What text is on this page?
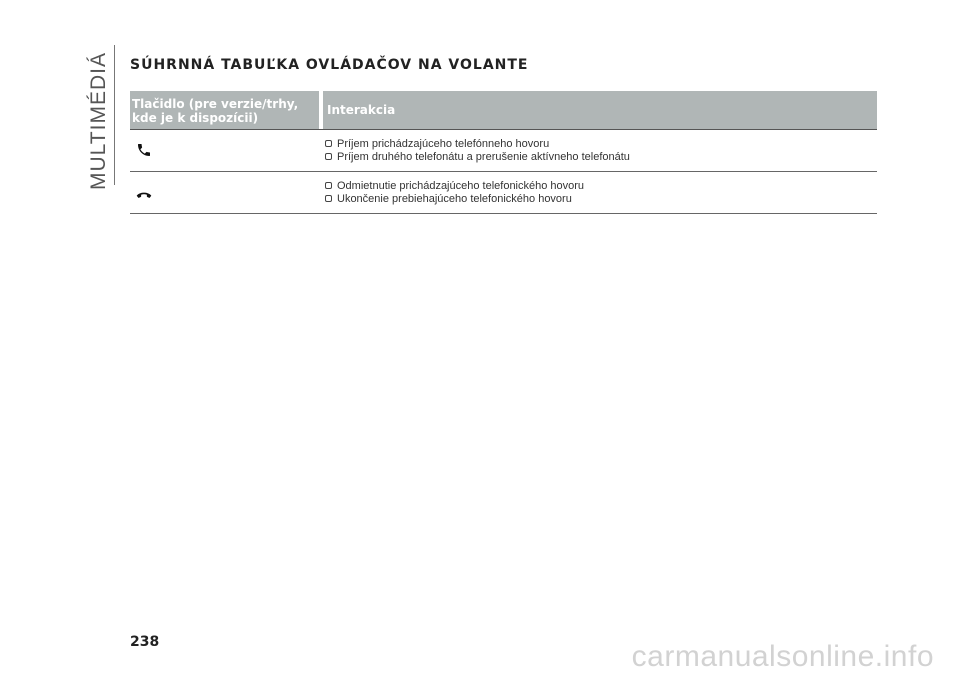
MULTIMÉDIÁ SÚHRNNÁ TABUĽKA OVLÁDAČOV NA VOLANTE
Tlačidlo (pre verzie/trhy, kde je k dispozícii)
Interakcia
Príjem prichádzajúceho telefónneho hovoru
Príjem druhého telefonátu a prerušenie aktívneho telefonátu
Odmietnutie prichádzajúceho telefonického hovoru
Ukončenie prebiehajúceho telefonického hovoru
238	carmanualsonline.info
